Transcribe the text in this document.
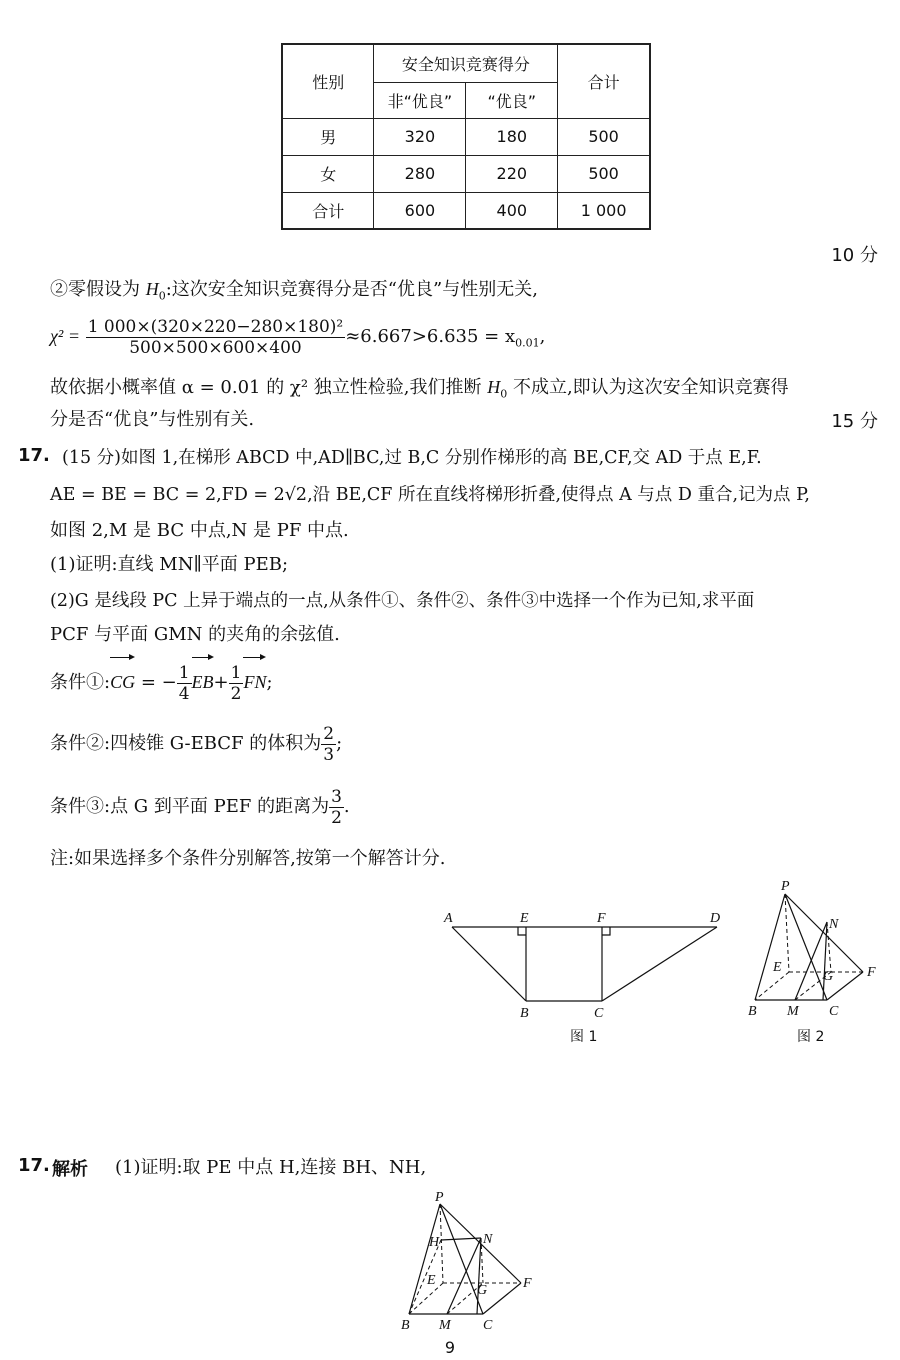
性别	安全知识竞赛得分		合计
	非“优良”	“优良”	
男	320	180	500
女	280	220	500
合计	600	400	1 000
10 分
②零假设为 $H_0$:这次安全知识竞赛得分是否“优良”与性别无关,
$\chi^2 = \frac{\text{1 000×(320×220−280×180)²}}{500\times 500\times 600\times 400} \approx 6.667>6.635 = x_{0.01}$,
故依据小概率值 α = 0.01 的 χ² 独立性检验,我们推断 $H_0$ 不成立,即认为这次安全知识竞赛得
分是否“优良”与性别有关.	15 分
17. (15 分)如图 1,在梯形 ABCD 中,AD∥BC,过 B,C 分别作梯形的高 BE,CF,交 AD 于点 E,F.
AE = BE = BC = 2,FD = 2√2,沿 BE,CF 所在直线将梯形折叠,使得点 A 与点 D 重合,记为点 P,
如图 2,M 是 BC 中点,N 是 PF 中点.
(1)证明:直线 MN∥平面 PEB;
(2)G 是线段 PC 上异于端点的一点,从条件①、条件②、条件③中选择一个作为已知,求平面
PCF 与平面 GMN 的夹角的余弦值.
条件①:CG = − $\frac{1}{4} EB+ \frac{1}{2}$ FN;
条件②:四棱锥 G-EBCF 的体积为 $\frac{2}{3}$ ;
条件③:点 G 到平面 PEF 的距离为 $\frac{3}{2}$ .
注:如果选择多个条件分别解答,按第一个解答计分.
A	E	F	D
B	C
图 1
P
N
E
G F
B M C
图 2
17. 解析 (1)证明:取 PE 中点 H,连接 BH、NH,
P
H	N
E
G	F
B M C
9
